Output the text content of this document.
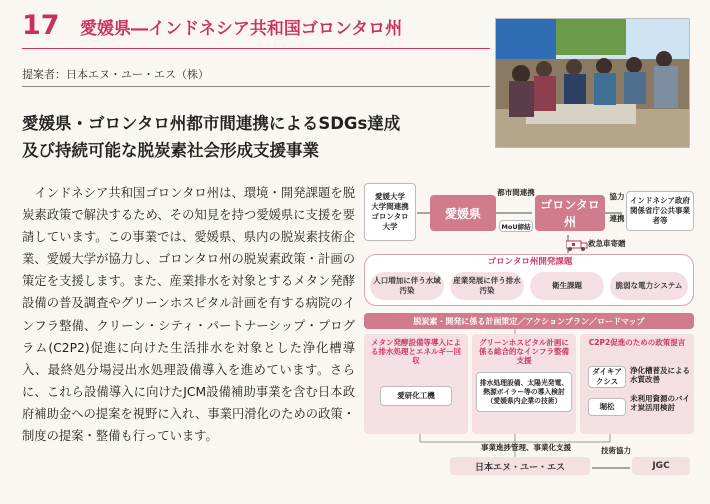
17 愛媛県―インドネシア共和国ゴロンタロ州
提案者：日本エヌ・ユー・エス（株）
愛媛県・ゴロンタロ州都市間連携によるSDGs達成
及び持続可能な脱炭素社会形成支援事業
インドネシア共和国ゴロンタロ州は、環境・開発課題を脱炭素政策で解決するため、その知見を持つ愛媛県に支援を要請しています。この事業では、愛媛県、県内の脱炭素技術企業、愛媛大学が協力し、ゴロンタロ州の脱炭素政策・計画の策定を支援します。また、産業排水を対象とするメタン発酵設備の普及調査やグリーンホスピタル計画を有する病院のインフラ整備、クリーン・シティ・パートナーシップ・プログラム(C2P2)促進に向けた生活排水を対象とした浄化槽導入、最終処分場浸出水処理設備導入を進めています。さらに、これら設備導入に向けたJCM設備補助事業を含む日本政府補助金への提案を視野に入れ、事業円滑化のための政策・制度の提案・整備も行っています。
愛媛大学
大学間連携
ゴロンタロ大学
愛媛県
都市間連携
MoU締結
ゴロンタロ州
協力
連携
インドネシア政府関係省庁公共事業者等
救急車寄贈
ゴロンタロ州開発課題
人口増加に伴う水域汚染
産業発展に伴う排水汚染
衛生課題	脆弱な電力システム
脱炭素・開発に係る計画策定／アクションプラン／ロードマップ
メタン発酵設備等導入による排水処理とエネルギー回収
愛研化工機
グリーンホスピタル計画に係る総合的なインフラ整備支援
排水処理設備、太陽光発電、熱源ボイラー等の導入検討（愛媛県内企業の技術）
C2P2促進のための政策提言
ダイキアクシス
浄化槽普及による水質改善
堀松
未利用資源のバイオ炭活用検討
事業進捗管理、事業化支援
日本エヌ・ユー・エス
技術協力
JGC
